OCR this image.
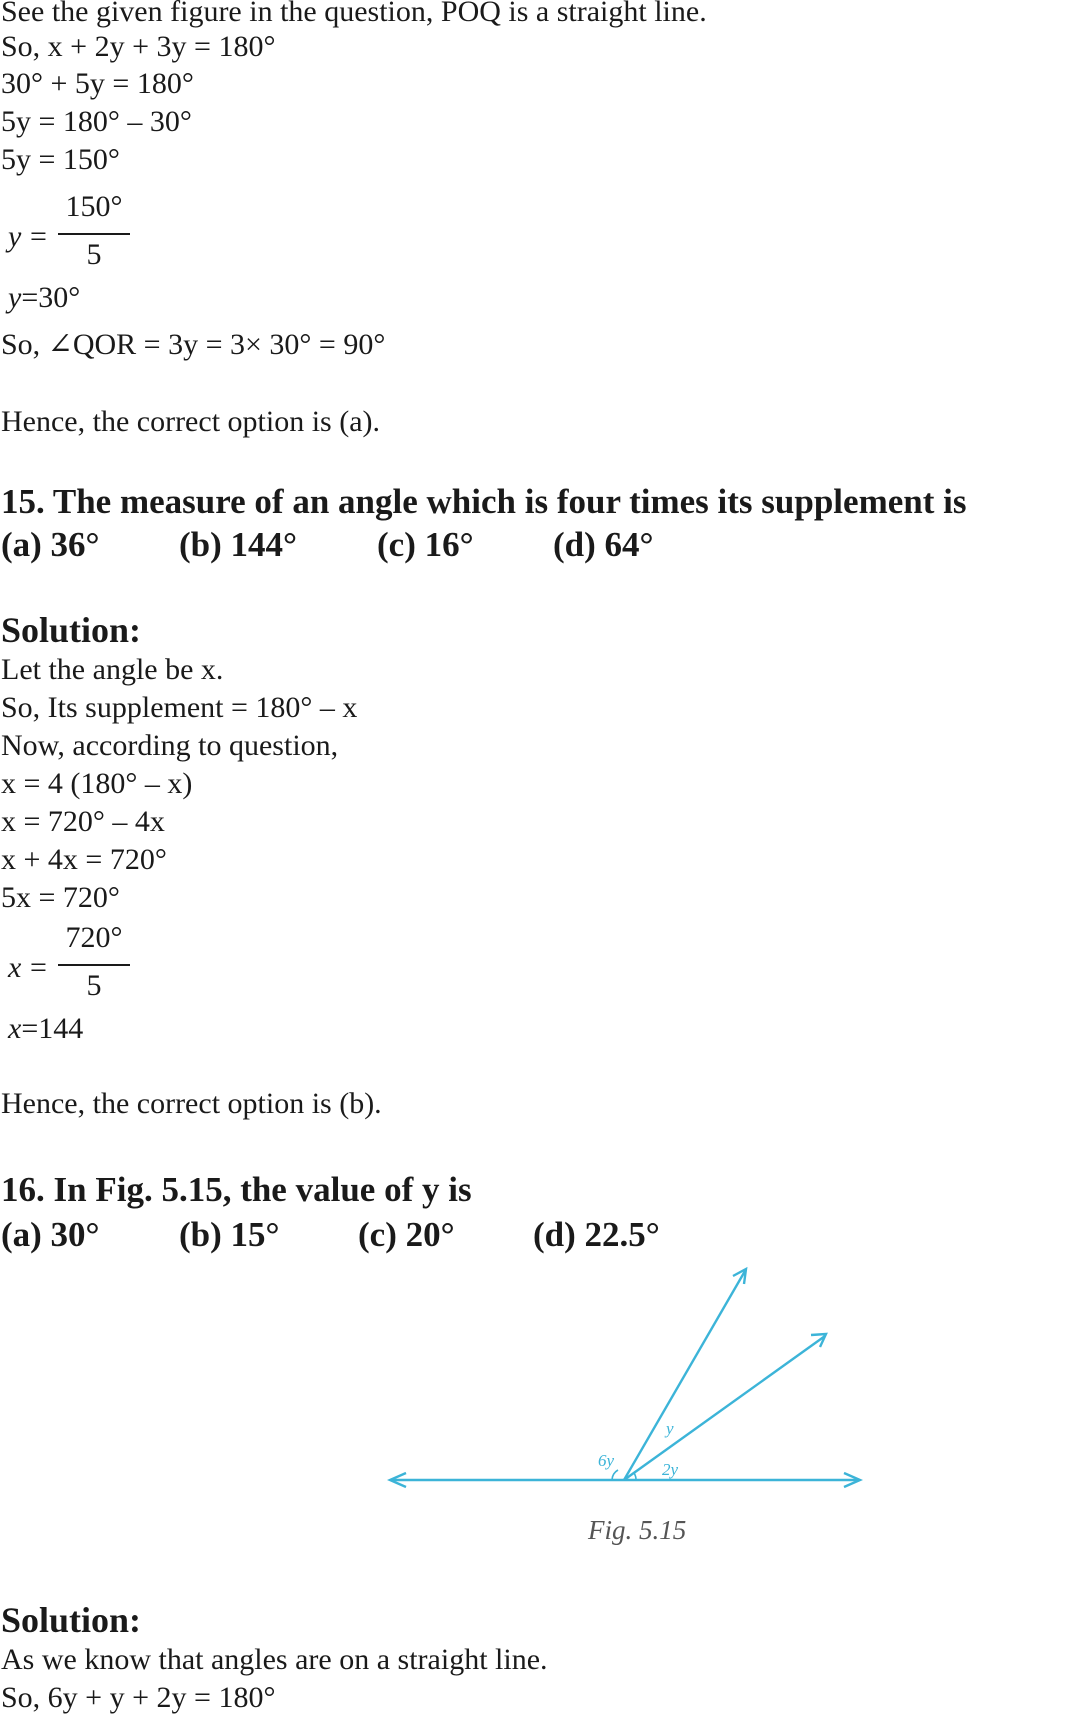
See the given figure in the question, POQ is a straight line.
So, x + 2y + 3y = 180°
30° + 5y = 180°
5y = 180° – 30°
5y = 150°
y =
150°
5
y=30°
So, ∠QOR = 3y = 3× 30° = 90°
Hence, the correct option is (a).
15. The measure of an angle which is four times its supplement is
(a) 36° (b) 144° (c) 16° (d) 64°
Solution:
Let the angle be x.
So, Its supplement = 180° – x
Now, according to question,
x = 4 (180° – x)
x = 720° – 4x
x + 4x = 720°
5x = 720°
x =
720°
5
x=144
Hence, the correct option is (b).
16. In Fig. 5.15, the value of y is
(a) 30° (b) 15° (c) 20° (d) 22.5°
6y
y
2y
Fig. 5.15
Solution:
As we know that angles are on a straight line.
So, 6y + y + 2y = 180°
